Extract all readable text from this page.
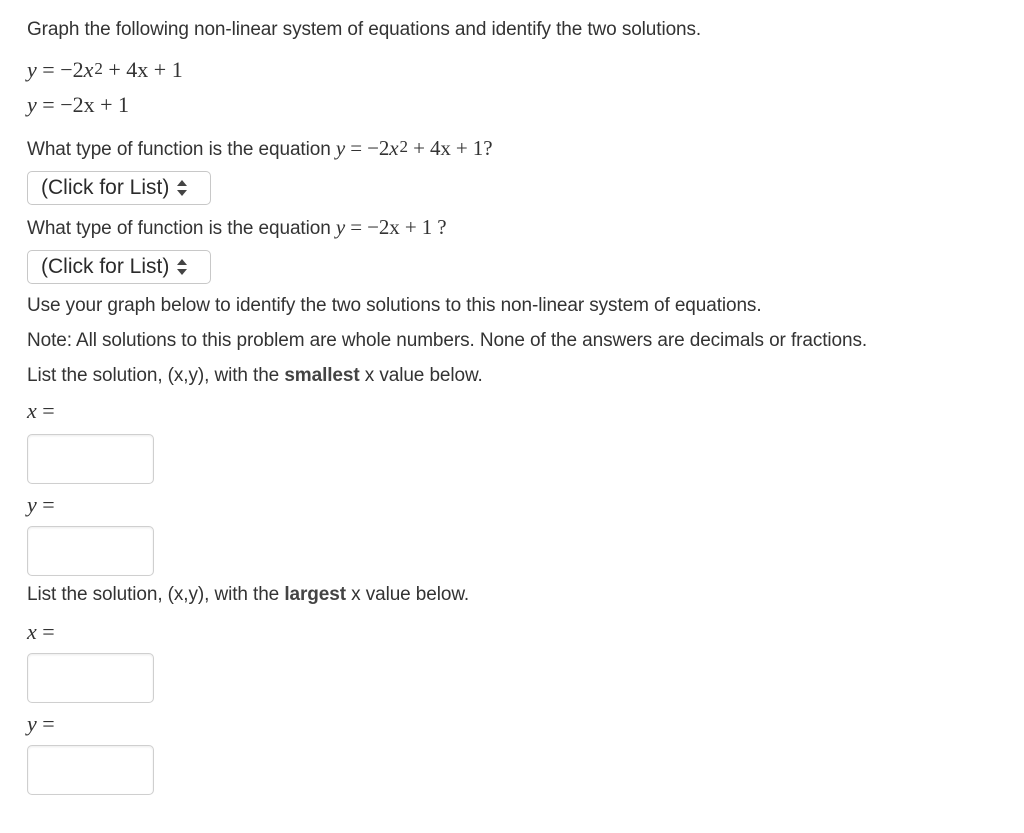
Graph the following non-linear system of equations and identify the two solutions.
$y = -2x^2 + 4x + 1$
y = −2x + 1
What type of function is the equation $y = -2x^2 + 4x + 1$?
(Click for List)
What type of function is the equation y = −2x + 1 ?
(Click for List)
Use your graph below to identify the two solutions to this non-linear system of equations.
Note: All solutions to this problem are whole numbers. None of the answers are decimals or fractions.
List the solution, (x,y), with the smallest x value below.
x =
y =
List the solution, (x,y), with the largest x value below.
x =
y =
